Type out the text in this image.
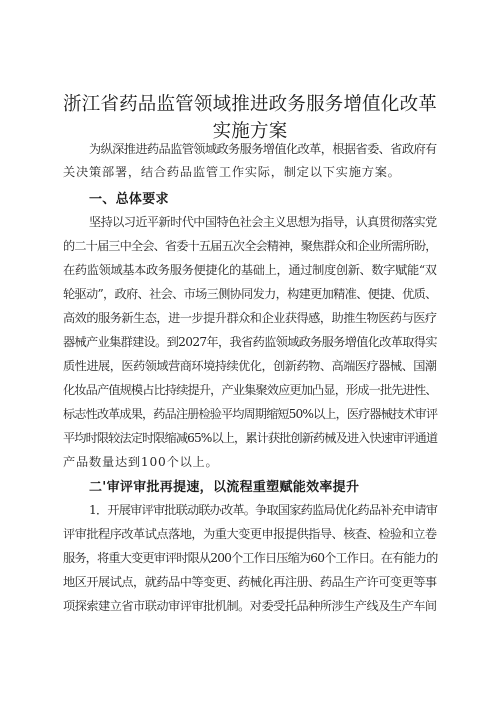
浙江省药品监管领域推进政务服务增值化改革
实施方案
为纵深推进药品监管领域政务服务增值化改革，根据省委、省政府有
关决策部署，结合药品监管工作实际，制定以下实施方案。
一、总体要求
坚持以习近平新时代中国特色社会主义思想为指导，认真贯彻落实党
的二十届三中全会、省委十五届五次全会精神，聚焦群众和企业所需所盼，
在药监领域基本政务服务便捷化的基础上，通过制度创新、数字赋能“双
轮驱动”，政府、社会、市场三侧协同发力，构建更加精准、便捷、优质、
高效的服务新生态，进一步提升群众和企业获得感，助推生物医药与医疗
器械产业集群建设。到2027年，我省药监领域政务服务增值化改革取得实
质性进展，医药领域营商环境持续优化，创新药物、高端医疗器械、国潮
化妆品产值规模占比持续提升，产业集聚效应更加凸显，形成一批先进性、
标志性改革成果，药品注册检验平均周期缩短50%以上，医疗器械技术审评
平均时限较法定时限缩减65%以上，累计获批创新药械及进入快速审评通道
产品数量达到100个以上。
二'审评审批再提速，以流程重塑赋能效率提升
1．开展审评审批联动联办改革。争取国家药监局优化药品补充申请审
评审批程序改革试点落地，为重大变更申报提供指导、核查、检验和立卷
服务，将重大变更审评时限从200个工作日压缩为60个工作日。在有能力的
地区开展试点，就药品中等变更、药械化再注册、药品生产许可变更等事
项探索建立省市联动审评审批机制。对委受托品种所涉生产线及生产车间
